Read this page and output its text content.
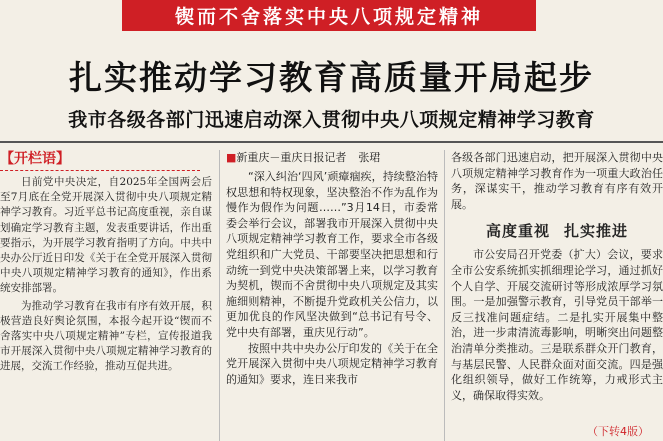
锲而不舍落实中央八项规定精神
扎实推动学习教育高质量开局起步
我市各级各部门迅速启动深入贯彻中央八项规定精神学习教育
【开栏语】

日前党中央决定，自2025年全国两会后至7月底在全党开展深入贯彻中央八项规定精神学习教育。习近平总书记高度重视，亲自谋划确定学习教育主题，发表重要讲话，作出重要指示，为开展学习教育指明了方向。中共中央办公厅近日印发《关于在全党开展深入贯彻中央八项规定精神学习教育的通知》，作出系统安排部署。

为推动学习教育在我市有序有效开展，积极营造良好舆论氛围，本报今起开设“锲而不舍落实中央八项规定精神”专栏，宣传报道我市开展深入贯彻中央八项规定精神学习教育的进展，交流工作经验，推动互促共进。

■新重庆－重庆日报记者 张珺

“深入纠治‘四风’顽瘴痼疾，持续整治特权思想和特权现象，坚决整治不作为乱作为慢作为假作为问题……”3月14日，市委常委会举行会议，部署我市开展深入贯彻中央八项规定精神学习教育工作，要求全市各级党组织和广大党员、干部要坚决把思想和行动统一到党中央决策部署上来，以学习教育为契机，锲而不舍贯彻中央八项规定及其实施细则精神，不断提升党政机关公信力，以更加优良的作风坚决做到“总书记有号令、党中央有部署，重庆见行动”。

按照中共中央办公厅印发的《关于在全党开展深入贯彻中央八项规定精神学习教育的通知》要求，连日来我市

各级各部门迅速启动，把开展深入贯彻中央八项规定精神学习教育作为一项重大政治任务，深谋实干，推动学习教育有序有效开展。

高度重视 扎实推进

市公安局召开党委（扩大）会议，要求全市公安系统抓实抓细理论学习，通过抓好个人自学、开展交流研讨等形成浓厚学习氛围。一是加强警示教育，引导党员干部举一反三找准问题症结。二是扎实开展集中整治，进一步肃清流毒影响，明晰突出问题整治清单分类推动。三是联系群众开门教育，与基层民警、人民群众面对面交流。四是强化组织领导，做好工作统筹，力戒形式主义，确保取得实效。

（下转4版）
